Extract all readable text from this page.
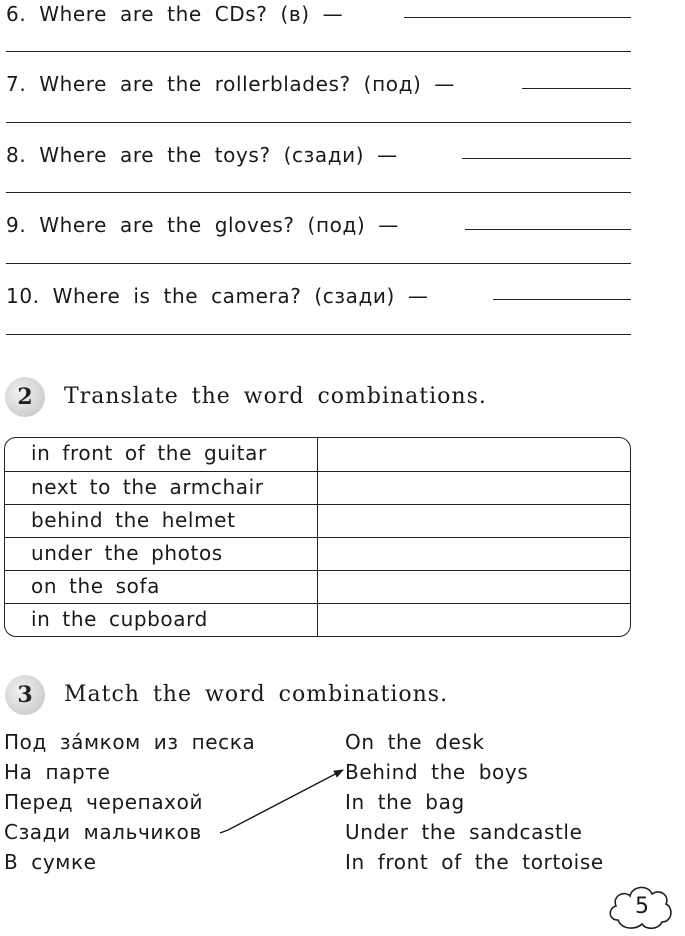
6. Where are the CDs? (в) —
7. Where are the rollerblades? (под) —
8. Where are the toys? (сзади) —
9. Where are the gloves? (под) —
10. Where is the camera? (сзади) —
2	Translate the word combinations.
in front of the guitar
next to the armchair
behind the helmet
under the photos
on the sofa
in the cupboard
3	Match the word combinations.
Под за́мком из песка
На парте
Перед черепахой
Сзади мальчиков
В сумке
On the desk
Behind the boys
In the bag
Under the sandcastle
In front of the tortoise
5
